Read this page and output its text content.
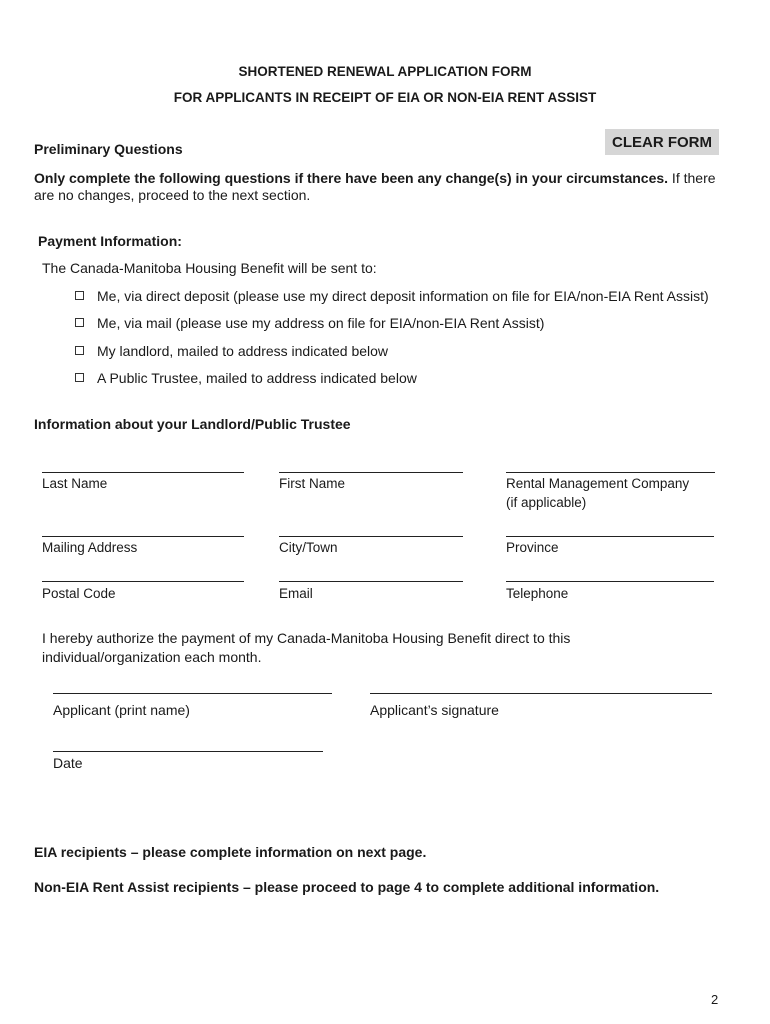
SHORTENED RENEWAL APPLICATION FORM
FOR APPLICANTS IN RECEIPT OF EIA OR NON-EIA RENT ASSIST
CLEAR FORM
Preliminary Questions
Only complete the following questions if there have been any change(s) in your circumstances. If there
are no changes, proceed to the next section.
Payment Information:
The Canada-Manitoba Housing Benefit will be sent to:
Me, via direct deposit (please use my direct deposit information on file for EIA/non-EIA Rent Assist)
Me, via mail (please use my address on file for EIA/non-EIA Rent Assist)
My landlord, mailed to address indicated below
A Public Trustee, mailed to address indicated below
Information about your Landlord/Public Trustee
Last Name	First Name	Rental Management Company
(if applicable)
Mailing Address	City/Town	Province
Postal Code	Email	Telephone
I hereby authorize the payment of my Canada-Manitoba Housing Benefit direct to this
individual/organization each month.
Applicant (print name)	Applicant’s signature
Date
EIA recipients – please complete information on next page.
Non-EIA Rent Assist recipients – please proceed to page 4 to complete additional information.
2
